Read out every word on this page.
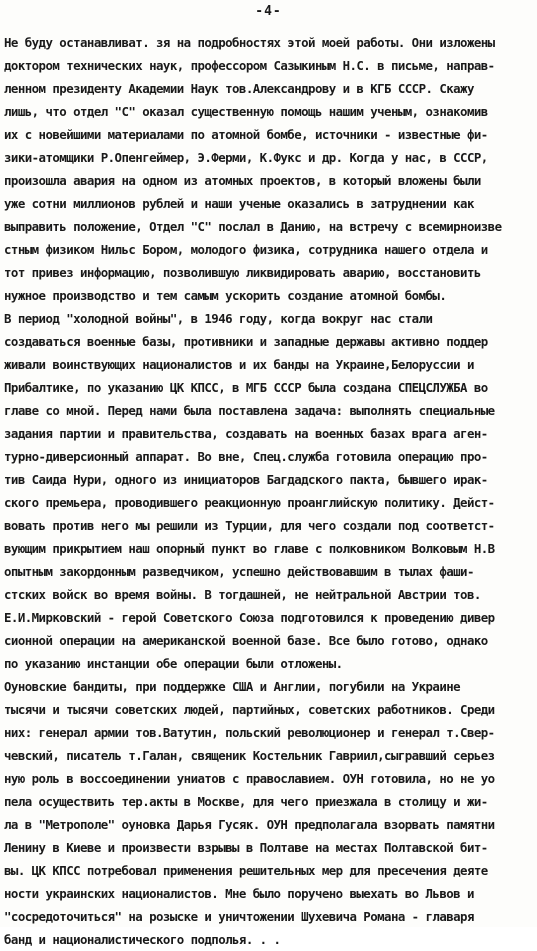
-4-
Не буду останавливат. зя на подробностях этой моей работы. Они изложены
доктором технических наук, профессором Сазыкиным Н.С. в письме, направ-
ленном президенту Академии Наук тов.Александрову и в КГБ СССР. Скажу
лишь, что отдел "С" оказал существенную помощь нашим ученым, ознакомив
их с новейшими материалами по атомной бомбе, источники - известные фи-
зики-атомщики Р.Опенгеймер, Э.Ферми, К.Фукс и др. Когда у нас, в СССР,
произошла авария на одном из атомных проектов, в который вложены были
уже сотни миллионов рублей и наши ученые оказались в затруднении как
выправить положение, Отдел "С" послал в Данию, на встречу с всемирноизве
стным физиком Нильс Бором, молодого физика, сотрудника нашего отдела и
тот привез информацию, позволившую ликвидировать аварию, восстановить
нужное производство и тем самым ускорить создание атомной бомбы.
В период "холодной войны", в 1946 году, когда вокруг нас стали
создаваться военные базы, противники и западные державы активно поддер
живали воинствующих националистов и их банды на Украине,Белоруссии и
Прибалтике, по указанию ЦК КПСС, в МГБ СССР была создана СПЕЦСЛУЖБА во
главе со мной. Перед нами была поставлена задача: выполнять специальные
задания партии и правительства, создавать на военных базах врага аген-
турно-диверсионный аппарат. Во вне, Спец.служба готовила операцию про-
тив Саида Нури, одного из инициаторов Багдадского пакта, бывшего ирак-
ского премьера, проводившего реакционную проанглийскую политику. Дейст-
вовать против него мы решили из Турции, для чего создали под соответст-
вующим прикрытием наш опорный пункт во главе с полковником Волковым Н.В
опытным закордонным разведчиком, успешно действовавшим в тылах фаши-
стских войск во время войны. В тогдашней, не нейтральной Австрии тов.
Е.И.Мирковский - герой Советского Союза подготовился к проведению дивер
сионной операции на американской военной базе. Все было готово, однако
по указанию инстанции обе операции были отложены.
Оуновские бандиты, при поддержке США и Англии, погубили на Украине
тысячи и тысячи советских людей, партийных, советских работников. Среди
них: генерал армии тов.Ватутин, польский революционер и генерал т.Свер-
чевский, писатель т.Галан, священик Костельник Гавриил,сыгравший серьез
ную роль в воссоединении униатов с православием. ОУН готовила, но не уо
пела осуществить тер.акты в Москве, для чего приезжала в столицу и жи-
ла в "Метрополе" оуновка Дарья Гусяк. ОУН предполагала взорвать памятни
Ленину в Киеве и произвести взрывы в Полтаве на местах Полтавской бит-
вы. ЦК КПСС потребовал применения решительных мер для пресечения деяте
ности украинских националистов. Мне было поручено выехать во Львов и
"сосредоточиться" на розыске и уничтожении Шухевича Романа - главаря
банд и националистического подполья. . .
